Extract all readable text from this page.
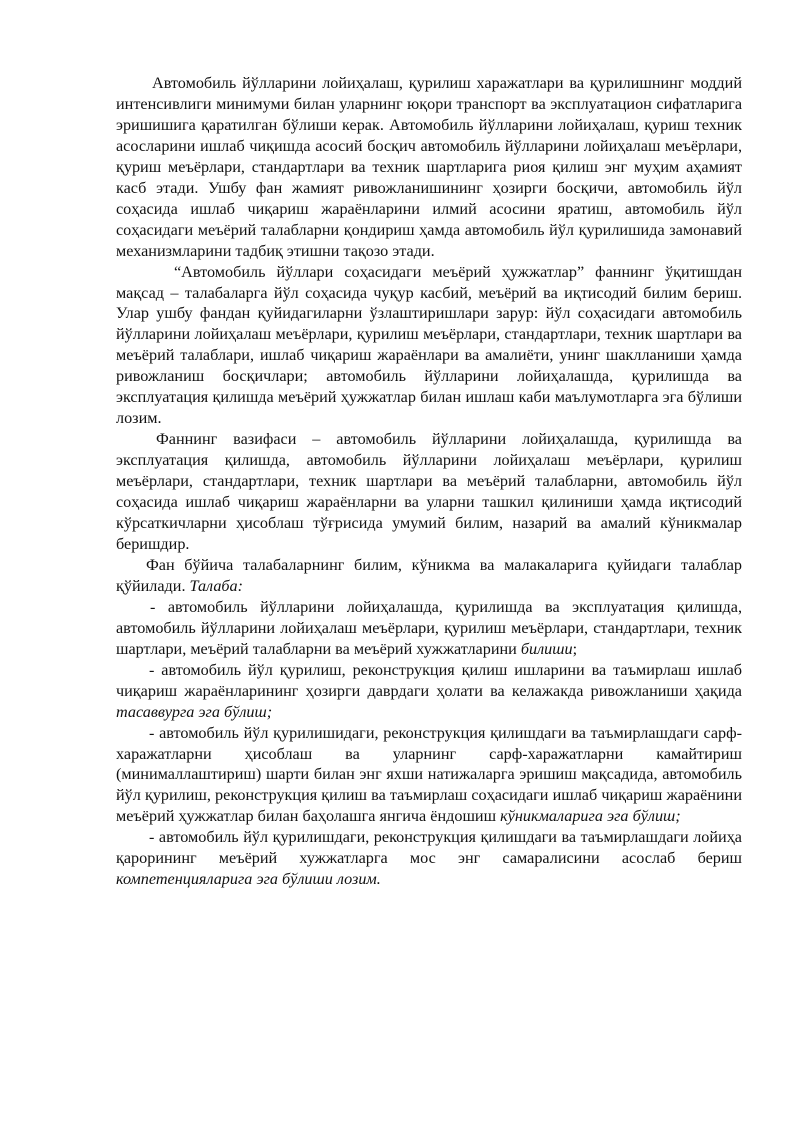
Автомобиль йўлларини лойиҳалаш, қурилиш харажатлари ва қурилишнинг моддий интенсивлиги минимуми билан уларнинг юқори транспорт ва эксплуатацион сифатларига эришишига қаратилган бўлиши керак. Автомобиль йўлларини лойиҳалаш, қуриш техник асосларини ишлаб чиқишда асосий босқич автомобиль йўлларини лойиҳалаш меъёрлари, қуриш меъёрлари, стандартлари ва техник шартларига риоя қилиш энг муҳим аҳамият касб этади. Ушбу фан жамият ривожланишининг ҳозирги босқичи, автомобиль йўл соҳасида ишлаб чиқариш жараёнларини илмий асосини яратиш, автомобиль йўл соҳасидаги меъёрий талабларни қондириш ҳамда автомобиль йўл қурилишида замонавий механизмларини тадбиқ этишни тақозо этади.

“Автомобиль йўллари соҳасидаги меъёрий ҳужжатлар” фаннинг ўқитишдан мақсад – талабаларга йўл соҳасида чуқур касбий, меъёрий ва иқтисодий билим бериш. Улар ушбу фандан қуйидагиларни ўзлаштиришлари зарур: йўл соҳасидаги автомобиль йўлларини лойиҳалаш меъёрлари, қурилиш меъёрлари, стандартлари, техник шартлари ва меъёрий талаблари, ишлаб чиқариш жараёнлари ва амалиёти, унинг шаклланиши ҳамда ривожланиш босқичлари; автомобиль йўлларини лойиҳалашда, қурилишда ва эксплуатация қилишда меъёрий ҳужжатлар билан ишлаш каби маълумотларга эга бўлиши лозим.

Фаннинг вазифаси – автомобиль йўлларини лойиҳалашда, қурилишда ва эксплуатация қилишда, автомобиль йўлларини лойиҳалаш меъёрлари, қурилиш меъёрлари, стандартлари, техник шартлари ва меъёрий талабларни, автомобиль йўл соҳасида ишлаб чиқариш жараёнларни ва уларни ташкил қилиниши ҳамда иқтисодий кўрсаткичларни ҳисоблаш тўғрисида умумий билим, назарий ва амалий кўникмалар беришдир.

Фан бўйича талабаларнинг билим, кўникма ва малакаларига қуйидаги талаблар қўйилади. Талаба:

- автомобиль йўлларини лойиҳалашда, қурилишда ва эксплуатация қилишда, автомобиль йўлларини лойиҳалаш меъёрлари, қурилиш меъёрлари, стандартлари, техник шартлари, меъёрий талабларни ва меъёрий хужжатларини билиши;

- автомобиль йўл қурилиш, реконструкция қилиш ишларини ва таъмирлаш ишлаб чиқариш жараёнларининг ҳозирги даврдаги ҳолати ва келажакда ривожланиши ҳақида тасаввурга эга бўлиш;

- автомобиль йўл қурилишидаги, реконструкция қилишдаги ва таъмирлашдаги сарф-харажатларни ҳисоблаш ва уларнинг сарф-харажатларни камайтириш (минималлаштириш) шарти билан энг яхши натижаларга эришиш мақсадида, автомобиль йўл қурилиш, реконструкция қилиш ва таъмирлаш соҳасидаги ишлаб чиқариш жараёнини меъёрий ҳужжатлар билан баҳолашга янгича ёндошиш кўникмаларига эга бўлиш;

- автомобиль йўл қурилишдаги, реконструкция қилишдаги ва таъмирлашдаги лойиҳа қарорининг меъёрий хужжатларга мос энг самаралисини асослаб бериш компетенцияларига эга бўлиши лозим.
